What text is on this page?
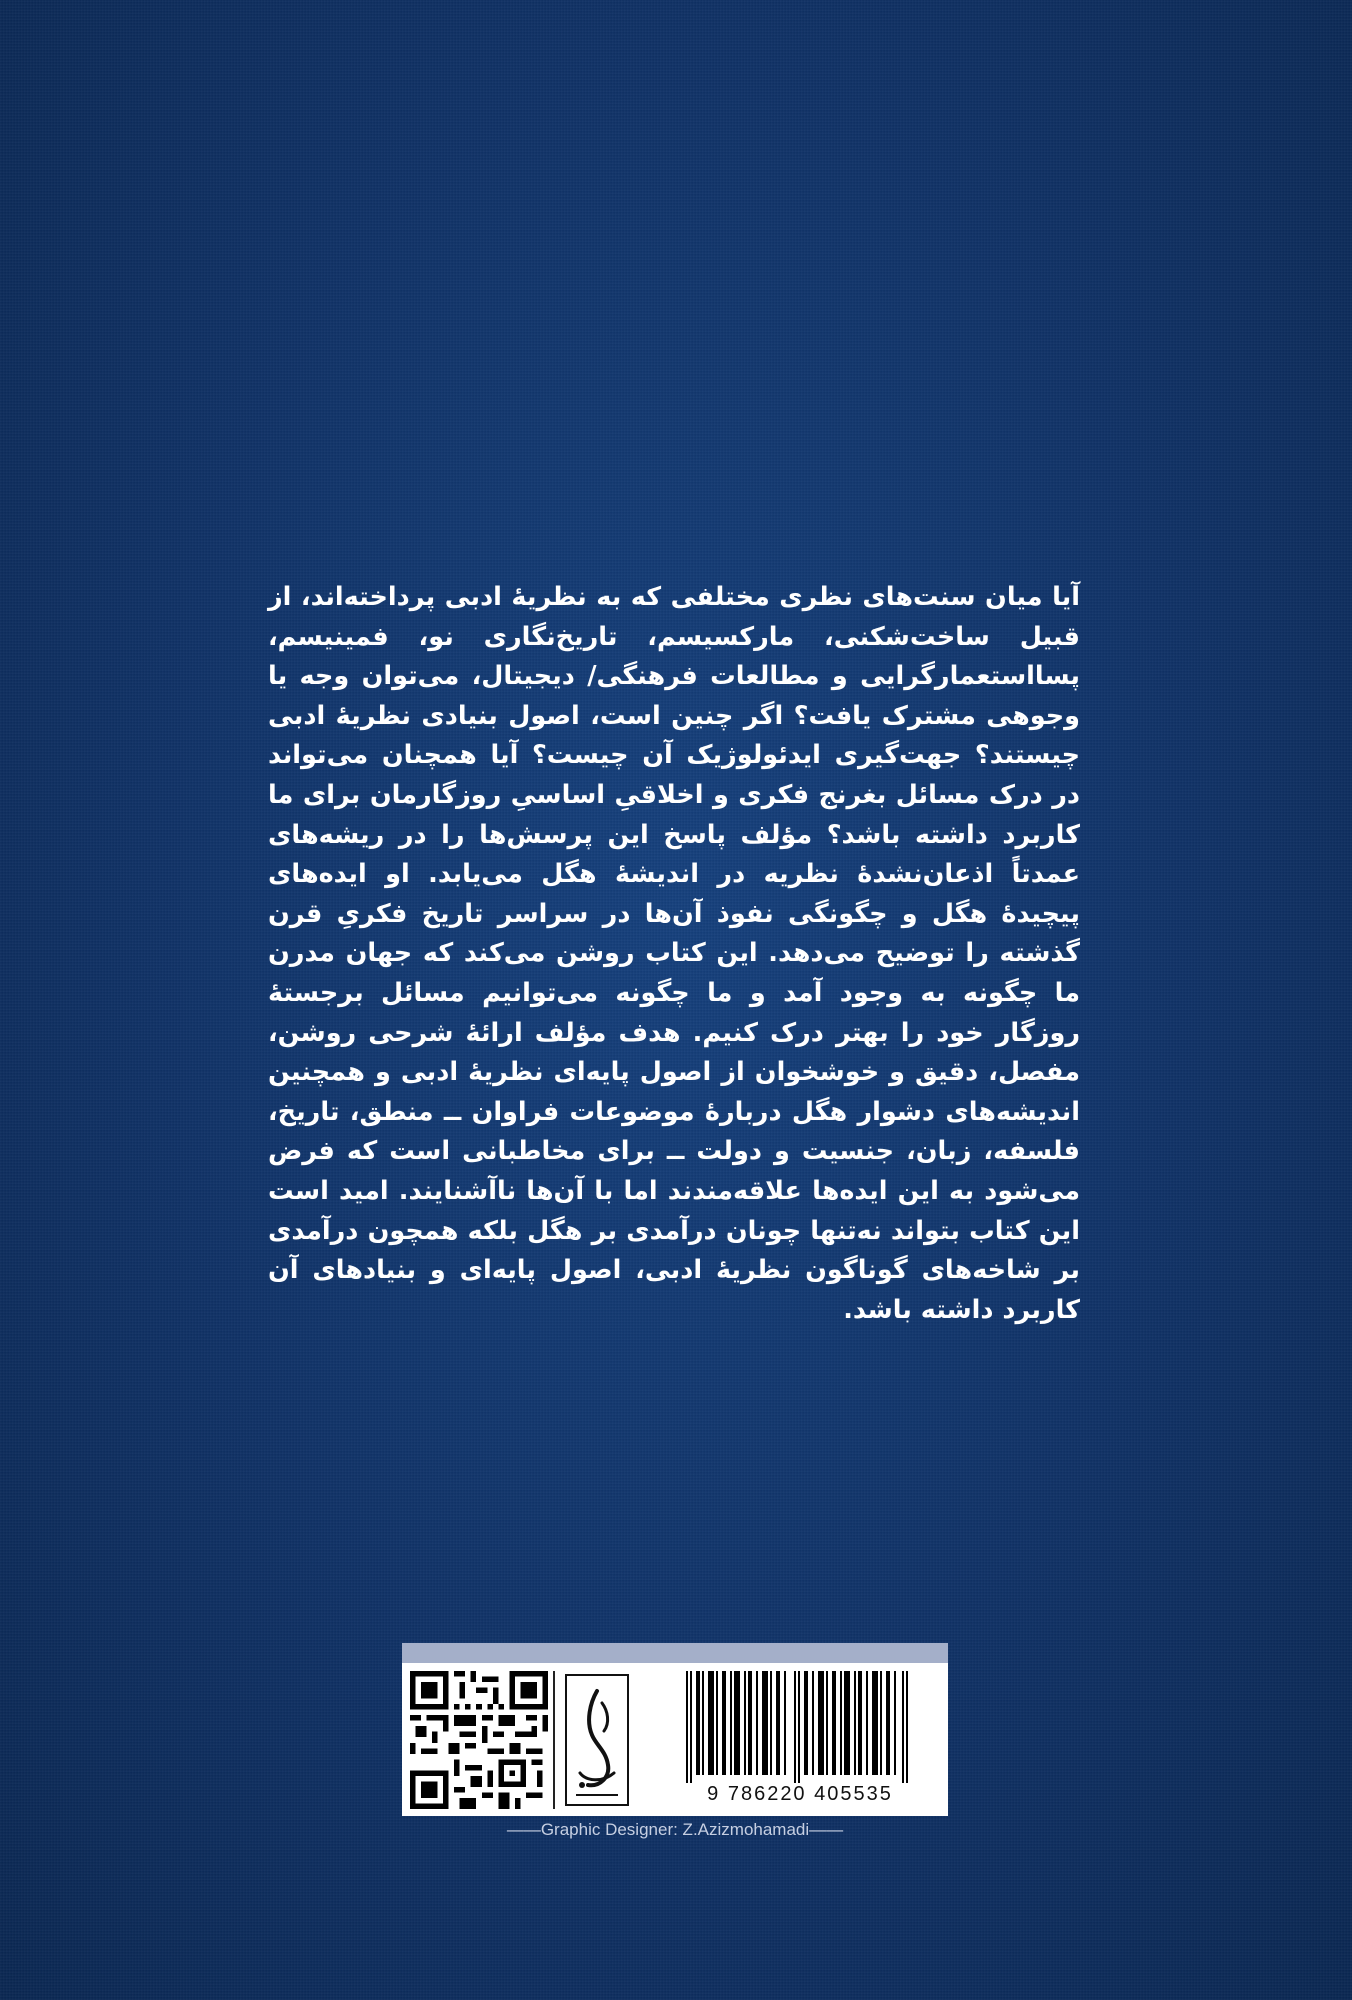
آیا میان سنت‌های نظری مختلفی که به نظریهٔ ادبی پرداخته‌اند، از قبیل ساخت‌شکنی، مارکسیسم، تاریخ‌نگاری نو، فمینیسم، پسااستعمارگرایی و مطالعات فرهنگی/ دیجیتال، می‌توان وجه یا وجوهی مشترک یافت؟ اگر چنین است، اصول بنیادی نظریهٔ ادبی چیستند؟ جهت‌گیری ایدئولوژیک آن چیست؟ آیا همچنان می‌تواند در درک مسائل بغرنج فکری و اخلاقیِ اساسیِ روزگارمان برای ما کاربرد داشته باشد؟ مؤلف پاسخ این پرسش‌ها را در ریشه‌های عمدتاً اذعان‌نشدهٔ نظریه در اندیشهٔ هگل می‌یابد. او ایده‌های پیچیدهٔ هگل و چگونگی نفوذ آن‌ها در سراسر تاریخ فکریِ قرن گذشته را توضیح می‌دهد. این کتاب روشن می‌کند که جهان مدرن ما چگونه به وجود آمد و ما چگونه می‌توانیم مسائل برجستهٔ روزگار خود را بهتر درک کنیم. هدف مؤلف ارائهٔ شرحی روشن، مفصل، دقیق و خوشخوان از اصول پایه‌ای نظریهٔ ادبی و همچنین اندیشه‌های دشوار هگل دربارهٔ موضوعات فراوان ــ منطق، تاریخ، فلسفه، زبان، جنسیت و دولت ــ برای مخاطبانی است که فرض می‌شود به این ایده‌ها علاقه‌مندند اما با آن‌ها ناآشنایند. امید است این کتاب بتواند نه‌تنها چونان درآمدی بر هگل بلکه همچون درآمدی بر شاخه‌های گوناگون نظریهٔ ادبی، اصول پایه‌ای و بنیادهای آن کاربرد داشته باشد.

9 786220 405535
——Graphic Designer: Z.Azizmohamadi——
